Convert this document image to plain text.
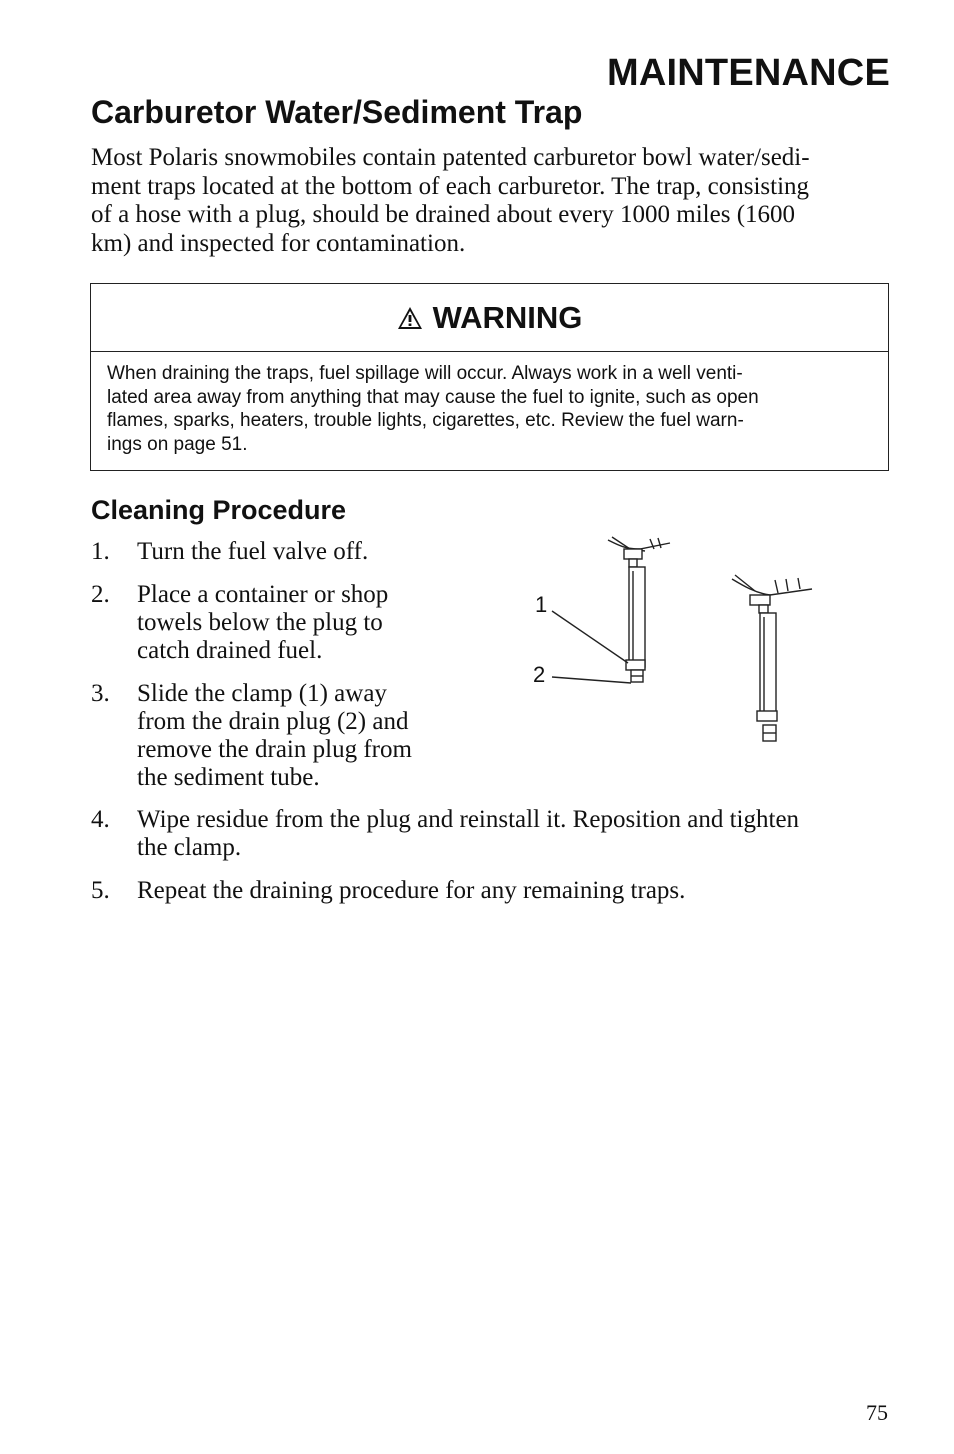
MAINTENANCE
Carburetor Water/Sediment Trap
Most Polaris snowmobiles contain patented carburetor bowl water/sedi-
ment traps located at the bottom of each carburetor. The trap, consisting
of a hose with a plug, should be drained about every 1000 miles (1600
km) and inspected for contamination.
WARNING
When draining the traps, fuel spillage will occur. Always work in a well venti-
lated area away from anything that may cause the fuel to ignite, such as open
flames, sparks, heaters, trouble lights, cigarettes, etc. Review the fuel warn-
ings on page 51.
Cleaning Procedure
1.	Turn the fuel valve off.
2.	Place a container or shop
towels below the plug to
catch drained fuel.
3.	Slide the clamp (1) away
from the drain plug (2) and
remove the drain plug from
the sediment tube.
4.	Wipe residue from the plug and reinstall it. Reposition and tighten
the clamp.
5.	Repeat the draining procedure for any remaining traps.
1
2
75
